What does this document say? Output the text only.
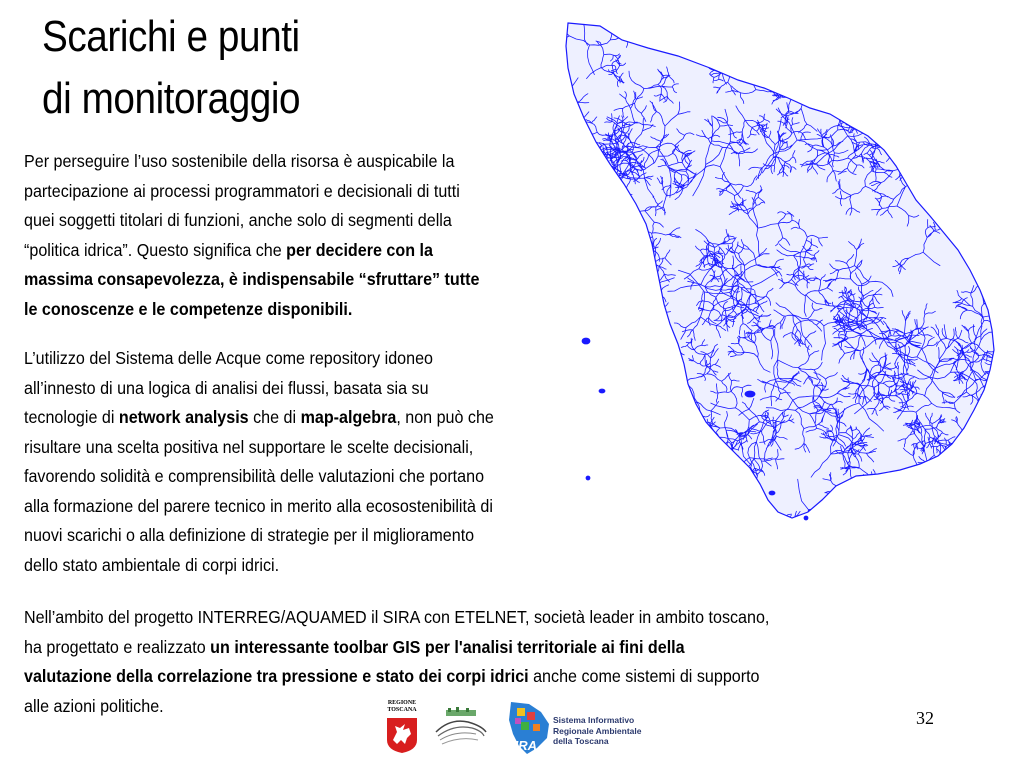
Scarichi e punti
di monitoraggio
Per perseguire l’uso sostenibile della risorsa è auspicabile la
partecipazione ai processi programmatori e decisionali di tutti
quei soggetti titolari di funzioni, anche solo di segmenti della
“politica idrica”. Questo significa che per decidere con la
massima consapevolezza, è indispensabile “sfruttare” tutte
le conoscenze e le competenze disponibili.
L’utilizzo del Sistema delle Acque come repository idoneo
all’innesto di una logica di analisi dei flussi, basata sia su
tecnologie di network analysis che di map-algebra, non può che
risultare una scelta positiva nel supportare le scelte decisionali,
favorendo solidità e comprensibilità delle valutazioni che portano
alla formazione del parere tecnico in merito alla ecosostenibilità di
nuovi scarichi o alla definizione di strategie per il miglioramento
dello stato ambientale di corpi idrici.
Nell’ambito del progetto INTERREG/AQUAMED il SIRA con ETELNET, società leader in ambito toscano,
ha progettato e realizzato un interessante toolbar GIS per l'analisi territoriale ai fini della
valutazione della correlazione tra pressione e stato dei corpi idrici anche come sistemi di supporto
alle azioni politiche.	REGIONE
TOSCANA
SIRA
Sistema Informativo
Regionale Ambientale
della Toscana
32
